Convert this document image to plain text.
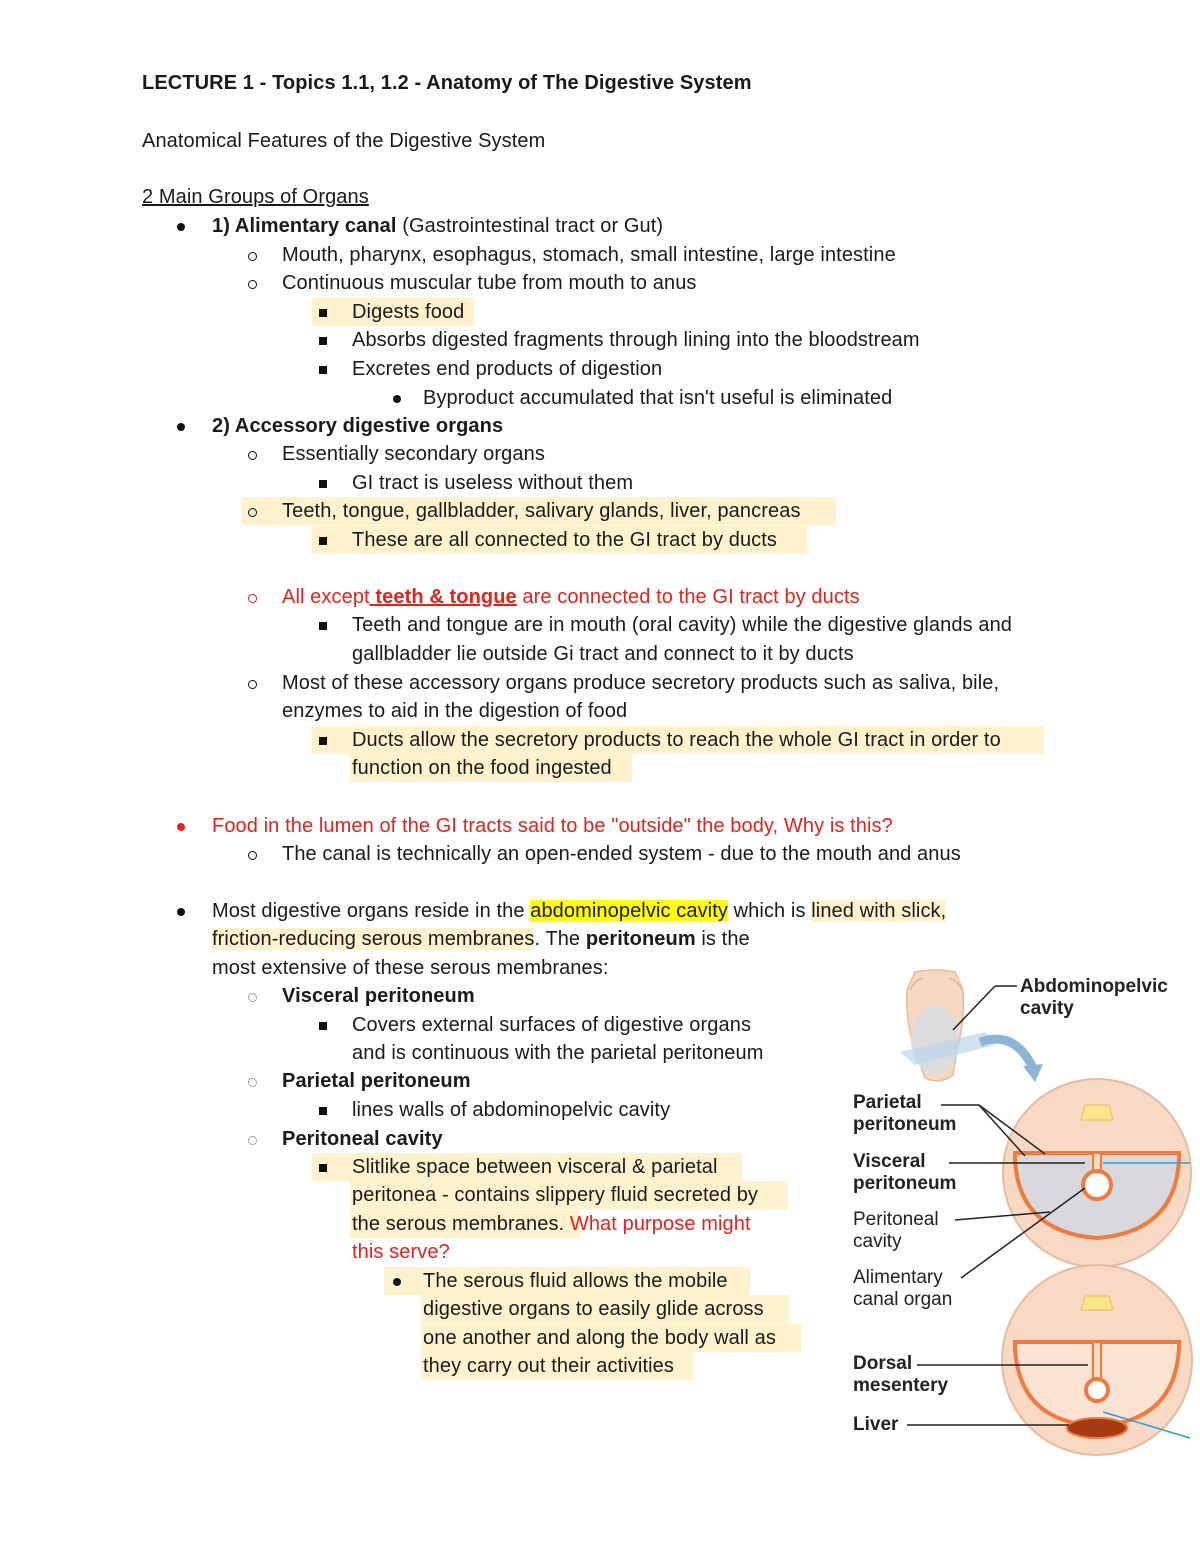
LECTURE 1 - Topics 1.1, 1.2 - Anatomy of The Digestive System
Anatomical Features of the Digestive System
2 Main Groups of Organs
1) Alimentary canal (Gastrointestinal tract or Gut)
Mouth, pharynx, esophagus, stomach, small intestine, large intestine
Continuous muscular tube from mouth to anus
Digests food
Absorbs digested fragments through lining into the bloodstream
Excretes end products of digestion
Byproduct accumulated that isn't useful is eliminated
2) Accessory digestive organs
Essentially secondary organs
GI tract is useless without them
Teeth, tongue, gallbladder, salivary glands, liver, pancreas
These are all connected to the GI tract by ducts
All except teeth & tongue are connected to the GI tract by ducts
Teeth and tongue are in mouth (oral cavity) while the digestive glands and
gallbladder lie outside Gi tract and connect to it by ducts
Most of these accessory organs produce secretory products such as saliva, bile,
enzymes to aid in the digestion of food
Ducts allow the secretory products to reach the whole GI tract in order to
function on the food ingested
Food in the lumen of the GI tracts said to be "outside" the body, Why is this?
The canal is technically an open-ended system - due to the mouth and anus
Most digestive organs reside in the abdominopelvic cavity which is lined with slick,
friction-reducing serous membranes. The peritoneum is the
most extensive of these serous membranes:
Visceral peritoneum
Covers external surfaces of digestive organs
and is continuous with the parietal peritoneum
Parietal peritoneum
lines walls of abdominopelvic cavity
Peritoneal cavity
Slitlike space between visceral & parietal
peritonea - contains slippery fluid secreted by
the serous membranes. What purpose might
this serve?
The serous fluid allows the mobile
digestive organs to easily glide across
one another and along the body wall as
they carry out their activities
Abdominopelvic
cavity
Parietal
peritoneum
Visceral
peritoneum
Peritoneal
cavity
Alimentary
canal organ
Dorsal
mesentery
Liver
